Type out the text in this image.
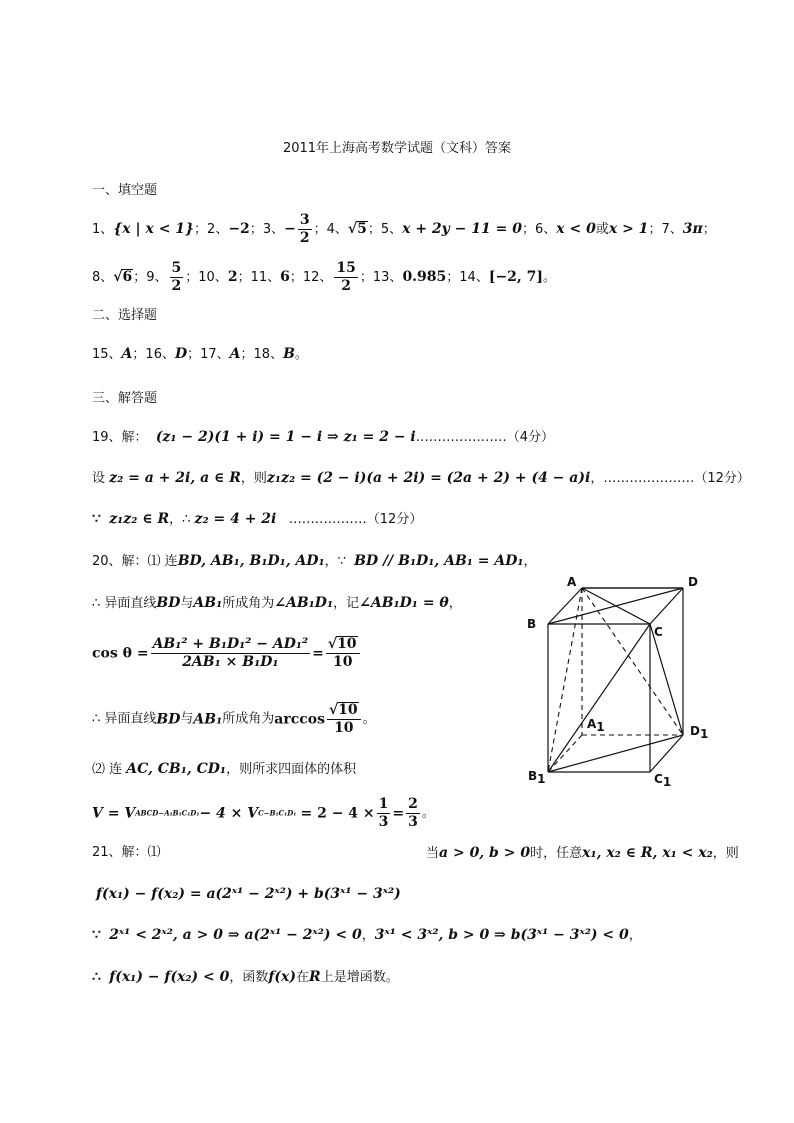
2011年上海高考数学试题（文科）答案
一、填空题
1、{x | x < 1}；2、−2；3、− $\frac{3}{2}$ ；4、√5；5、x + 2y − 11 = 0；6、x < 0或x > 1；7、3π；
8、√6；9、 $\frac{5}{2}$ ；10、2；11、6；12、 $\frac{15}{2}$ ；13、0.985；14、[−2, 7]。
二、选择题
15、A；16、D；17、A；18、B。
三、解答题
19、解： (z₁ − 2)(1 + i) = 1 − i ⇒ z₁ = 2 − i…………………（4分）
设 z₂ = a + 2i, a ∈ R，则z₁z₂ = (2 − i)(a + 2i) = (2a + 2) + (4 − a)i，…………………（12分）
∵ z₁z₂ ∈ R，∴ z₂ = 4 + 2i ………………（12分）
20、解：⑴ 连BD, AB₁, B₁D₁, AD₁，∵ BD // B₁D₁, AB₁ = AD₁，
∴ 异面直线BD与AB₁所成角为∠AB₁D₁，记∠AB₁D₁ = θ，
$\cos \theta = \frac{\text{AB₁² + B₁D₁² − AD₁²}}{\text{2AB₁ × B₁D₁}} = \frac{√10}{10}$
∴ 异面直线BD与AB₁所成角为$\arccos \frac{√10}{10}$ 。
⑵ 连 AC, CB₁, CD₁，则所求四面体的体积
V = VABCD−A₁B₁C₁D₁− $4 \times VC-B_1C_1D_1 = 2 - 4 \times \frac{1}{3} = \frac{2}{3}$ 。
A	D
B
C
A1	D1
B1	C1
21、解：⑴	当a > 0, b > 0时，任意x₁, x₂ ∈ R, x₁ < x₂，则
f(x₁) − f(x₂) = a(2ˣ¹ − 2ˣ²) + b(3ˣ¹ − 3ˣ²)
∵ 2ˣ¹ < 2ˣ², a > 0 ⇒ a(2ˣ¹ − 2ˣ²) < 0，3ˣ¹ < 3ˣ², b > 0 ⇒ b(3ˣ¹ − 3ˣ²) < 0，
∴ f(x₁) − f(x₂) < 0，函数f(x)在R上是增函数。
